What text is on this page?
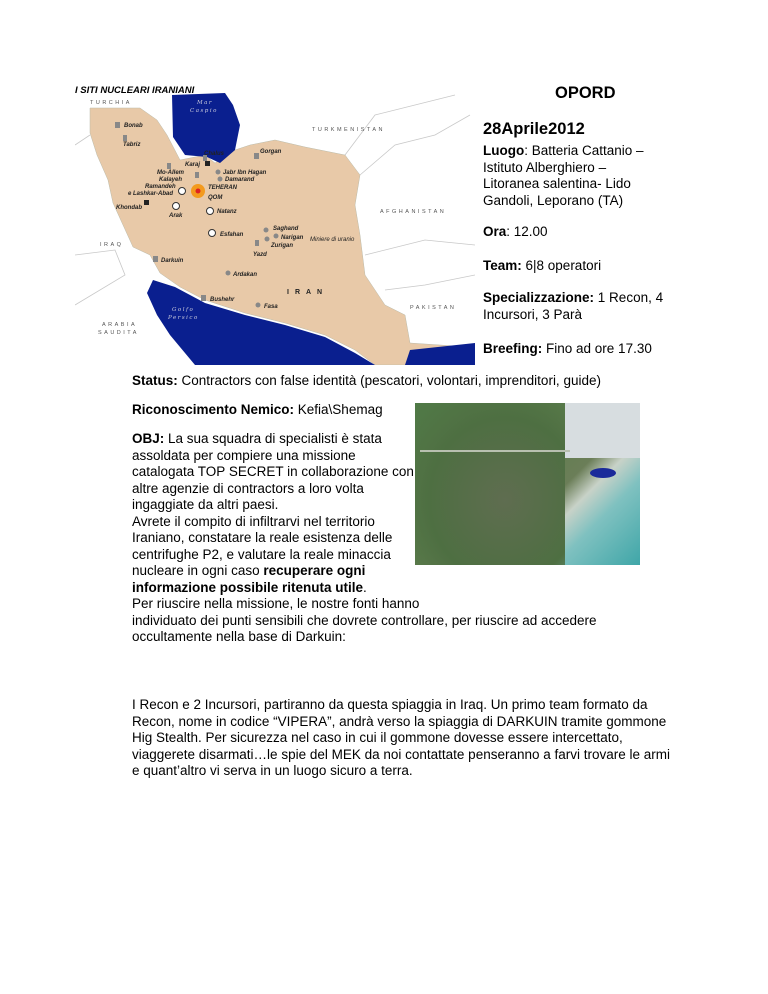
I SITI NUCLEARI IRANIANI
TURCHIA
TURKMENISTAN
AFGHANISTAN
IRAQ
IRAN
PAKISTAN
ARABIA
SAUDITA
Mar
Caspio
Golfo
Persico
Bonab
Tabriz
Gorgan
Chalus
Karaj
Mo-Allem
Kalayeh
Jabr Ibn Hagan
Damarand
Ramandeh
e Lashkar-Abad
TEHERAN
QOM
Khondab
Arak
Natanz
Esfahan
Saghand
Narigan
Zurigan
Miniere di uranio
Yazd
Darkuin
Ardakan
Bushehr
Fasa
OPORD
28Aprile2012
Luogo: Batteria Cattanio –
Istituto Alberghiero –
Litoranea salentina- Lido
Gandoli, Leporano (TA)
Ora: 12.00
Team: 6|8 operatori
Specializzazione: 1 Recon, 4
Incursori, 3 Parà
Breefing: Fino ad ore 17.30
Status: Contractors con false identità (pescatori, volontari, imprenditori, guide)
Riconoscimento Nemico: Kefia\Shemag
OBJ: La sua squadra di specialisti è stata
assoldata per compiere una missione
catalogata TOP SECRET in collaborazione con
altre agenzie di contractors a loro volta
ingaggiate da altri paesi.
Avrete il compito di infiltrarvi nel territorio
Iraniano, constatare la reale esistenza delle
centrifughe P2, e valutare la reale minaccia
nucleare in ogni caso recuperare ogni
informazione possibile ritenuta utile.
Per riuscire nella missione, le nostre fonti hanno
individuato dei punti sensibili che dovrete controllare, per riuscire ad accedere
occultamente nella base di Darkuin:
I Recon e 2 Incursori, partiranno da questa spiaggia in Iraq. Un primo team formato da
Recon, nome in codice “VIPERA”, andrà verso la spiaggia di DARKUIN tramite gommone
Hig Stealth. Per sicurezza nel caso in cui il gommone dovesse essere intercettato,
viaggerete disarmati…le spie del MEK da noi contattate penseranno a farvi trovare le armi
e quant’altro vi serva in un luogo sicuro a terra.
